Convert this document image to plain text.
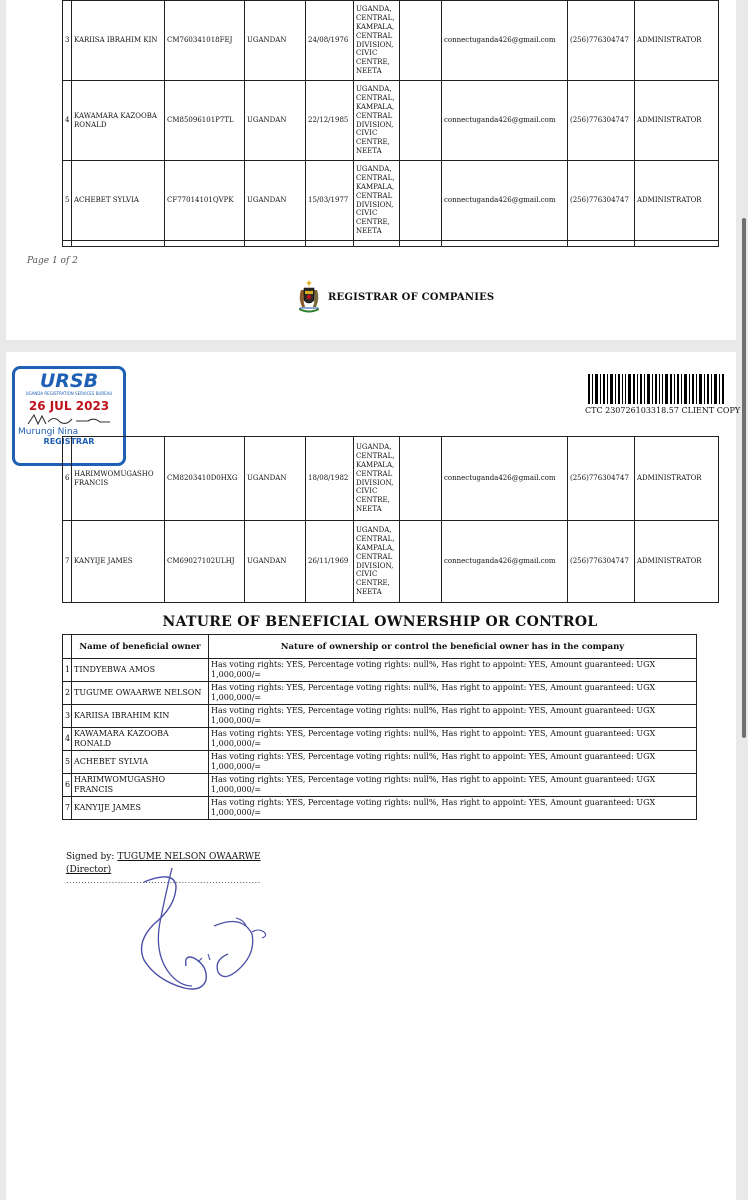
3	KARIISA IBRAHIM KIN	CM760341018FEJ	UGANDAN	24/08/1976	UGANDA, CENTRAL, KAMPALA, CENTRAL DIVISION, CIVIC CENTRE, NEETA		connectuganda426@gmail.com	(256)776304747	ADMINISTRATOR
4	KAWAMARA KAZOOBA RONALD	CM85096101P7TL	UGANDAN	22/12/1985	UGANDA, CENTRAL, KAMPALA, CENTRAL DIVISION, CIVIC CENTRE, NEETA		connectuganda426@gmail.com	(256)776304747	ADMINISTRATOR
5	ACHEBET SYLVIA	CF77014101QVPK	UGANDAN	15/03/1977	UGANDA, CENTRAL, KAMPALA, CENTRAL DIVISION, CIVIC CENTRE, NEETA		connectuganda426@gmail.com	(256)776304747	ADMINISTRATOR

Page 1 of 2
REGISTRAR OF COMPANIES
URSB
UGANDA REGISTRATION SERVICES BUREAU
26 JUL 2023
Murungi Nina
REGISTRAR
CTC 230726103318.57 CLIENT COPY
6	HARIMWOMUGASHO FRANCIS	CM8203410D0HXG	UGANDAN	18/08/1982	UGANDA, CENTRAL, KAMPALA, CENTRAL DIVISION, CIVIC CENTRE, NEETA		connectuganda426@gmail.com	(256)776304747	ADMINISTRATOR
7	KANYIJE JAMES	CM69027102ULHJ	UGANDAN	26/11/1969	UGANDA, CENTRAL, KAMPALA, CENTRAL DIVISION, CIVIC CENTRE, NEETA		connectuganda426@gmail.com	(256)776304747	ADMINISTRATOR
NATURE OF BENEFICIAL OWNERSHIP OR CONTROL
	Name of beneficial owner	Nature of ownership or control the beneficial owner has in the company
1	TINDYEBWA AMOS	Has voting rights: YES, Percentage voting rights: null%, Has right to appoint: YES, Amount guaranteed: UGX 1,000,000/=
2	TUGUME OWAARWE NELSON	Has voting rights: YES, Percentage voting rights: null%, Has right to appoint: YES, Amount guaranteed: UGX 1,000,000/=
3	KARIISA IBRAHIM KIN	Has voting rights: YES, Percentage voting rights: null%, Has right to appoint: YES, Amount guaranteed: UGX 1,000,000/=
4	KAWAMARA KAZOOBA RONALD	Has voting rights: YES, Percentage voting rights: null%, Has right to appoint: YES, Amount guaranteed: UGX 1,000,000/=
5	ACHEBET SYLVIA	Has voting rights: YES, Percentage voting rights: null%, Has right to appoint: YES, Amount guaranteed: UGX 1,000,000/=
6	HARIMWOMUGASHO FRANCIS	Has voting rights: YES, Percentage voting rights: null%, Has right to appoint: YES, Amount guaranteed: UGX 1,000,000/=
7	KANYIJE JAMES	Has voting rights: YES, Percentage voting rights: null%, Has right to appoint: YES, Amount guaranteed: UGX 1,000,000/=
Signed by: TUGUME NELSON OWAARWE
(Director)
................................................................
